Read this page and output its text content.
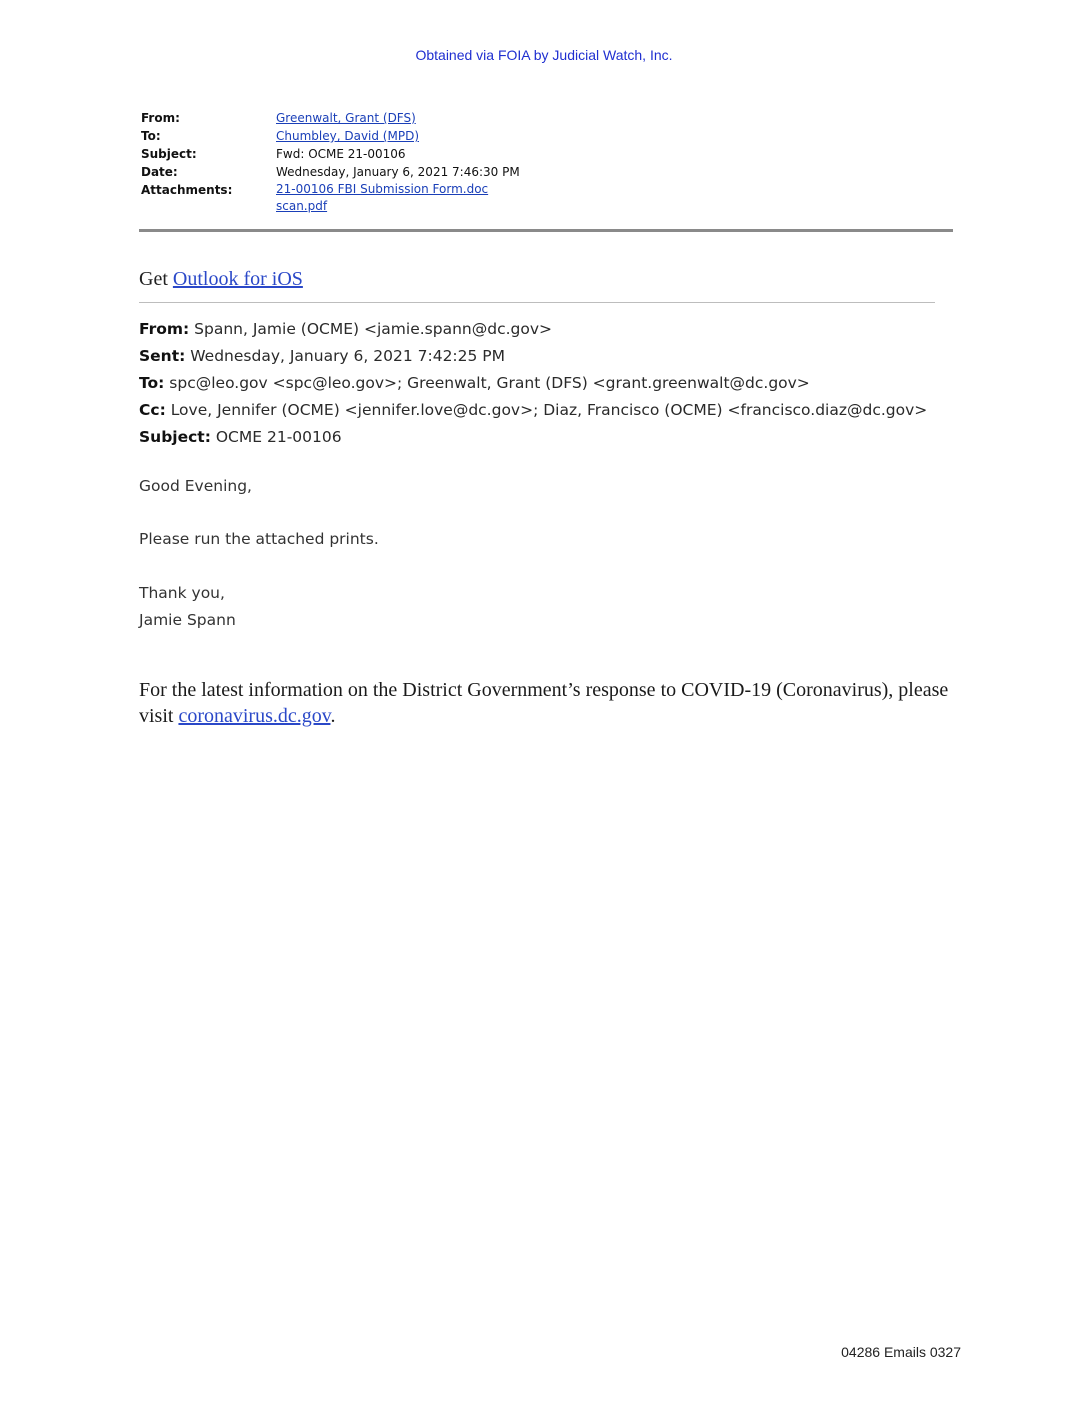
Obtained via FOIA by Judicial Watch, Inc.
From:	Greenwalt, Grant (DFS)
To:	Chumbley, David (MPD)
Subject:	Fwd: OCME 21-00106
Date:	Wednesday, January 6, 2021 7:46:30 PM
Attachments:	21-00106 FBI Submission Form.doc
scan.pdf
Get Outlook for iOS
From: Spann, Jamie (OCME) <jamie.spann@dc.gov>
Sent: Wednesday, January 6, 2021 7:42:25 PM
To: spc@leo.gov <spc@leo.gov>; Greenwalt, Grant (DFS) <grant.greenwalt@dc.gov>
Cc: Love, Jennifer (OCME) <jennifer.love@dc.gov>; Diaz, Francisco (OCME) <francisco.diaz@dc.gov>
Subject: OCME 21-00106
Good Evening,
Please run the attached prints.
Thank you,
Jamie Spann
For the latest information on the District Government’s response to COVID-19 (Coronavirus), please visit coronavirus.dc.gov.
04286 Emails 0327
